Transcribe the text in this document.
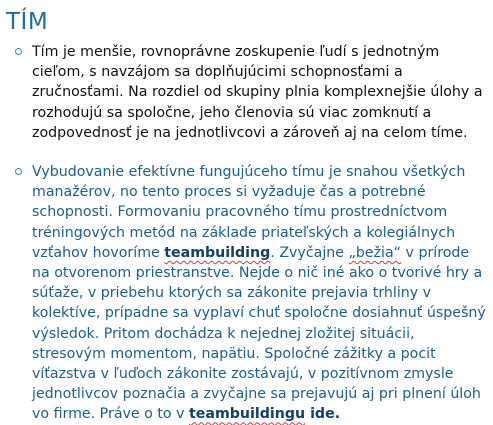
TÍM

Tím je menšie, rovnoprávne zoskupenie ľudí s jednotným cieľom, s navzájom sa doplňujúcimi schopnosťami a zručnosťami. Na rozdiel od skupiny plnia komplexnejšie úlohy a rozhodujú sa spoločne, jeho členovia sú viac zomknutí a zodpovednosť je na jednotlivcovi a zároveň aj na celom tíme.

Vybudovanie efektívne fungujúceho tímu je snahou všetkých manažérov, no tento proces si vyžaduje čas a potrebné schopnosti. Formovaniu pracovného tímu prostredníctvom tréningových metód na základe priateľských a kolegiálnych vzťahov hovoríme teambuilding. Zvyčajne „bežia“ v prírode na otvorenom priestranstve. Nejde o nič iné ako o tvorivé hry a súťaže, v priebehu ktorých sa zákonite prejavia trhliny v kolektíve, prípadne sa vyplaví chuť spoločne dosiahnuť úspešný výsledok. Pritom dochádza k nejednej zložitej situácii, stresovým momentom, napätiu. Spoločné zážitky a pocit víťazstva v ľuďoch zákonite zostávajú, v pozitívnom zmysle jednotlivcov poznačia a zvyčajne sa prejavujú aj pri plnení úloh vo firme. Práve o to v teambuildingu ide.
